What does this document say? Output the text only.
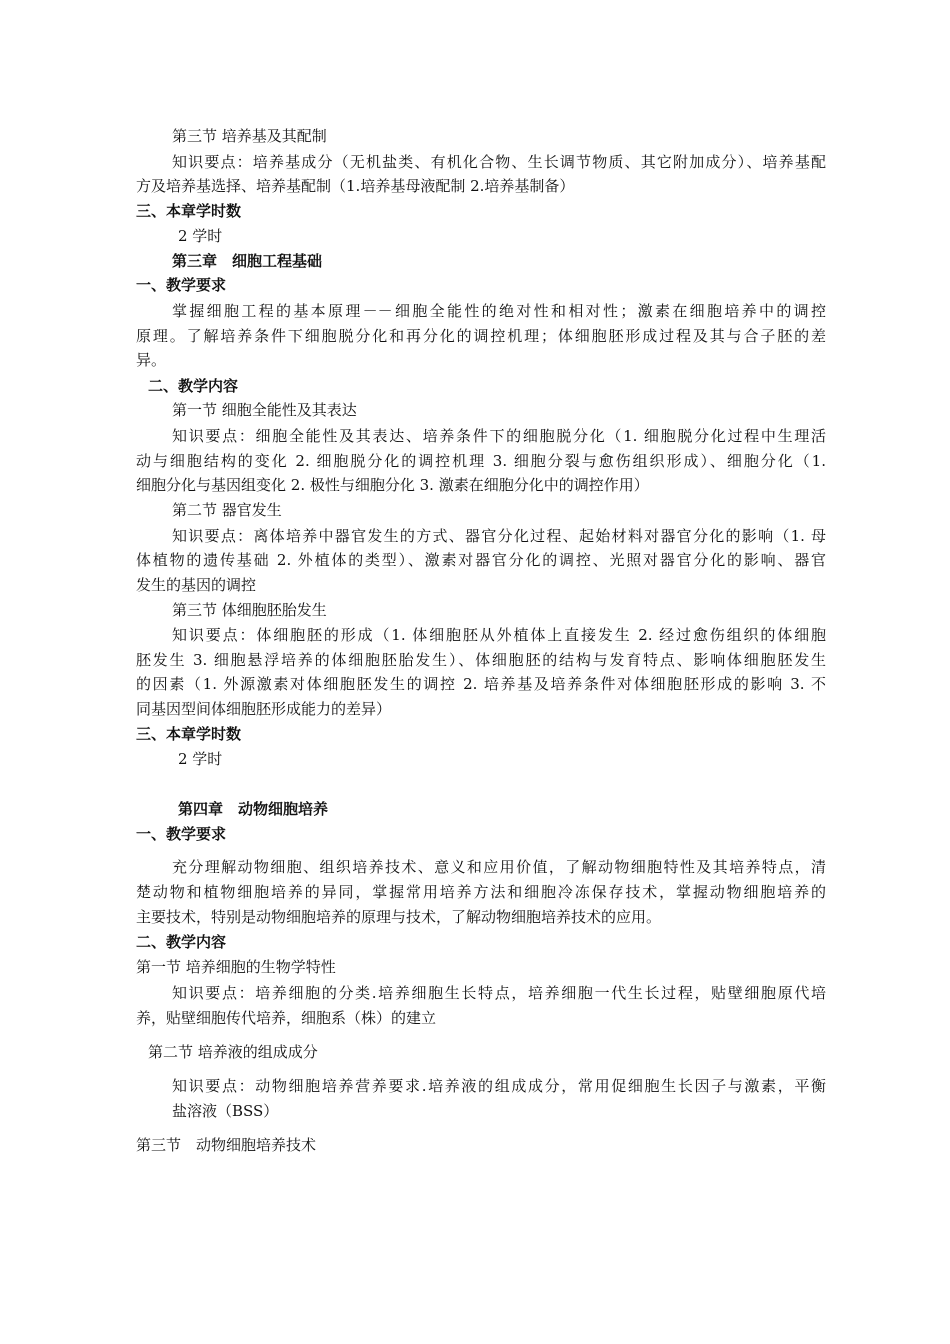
第三节 培养基及其配制
知识要点：培养基成分（无机盐类、有机化合物、生长调节物质、其它附加成分）、培养基配
方及培养基选择、培养基配制（1.培养基母液配制 2.培养基制备）
三、本章学时数
2 学时
第三章　细胞工程基础
一、教学要求
掌握细胞工程的基本原理－－细胞全能性的绝对性和相对性；激素在细胞培养中的调控
原理。了解培养条件下细胞脱分化和再分化的调控机理；体细胞胚形成过程及其与合子胚的差
异。
二、教学内容
第一节 细胞全能性及其表达
知识要点：细胞全能性及其表达、培养条件下的细胞脱分化（1. 细胞脱分化过程中生理活
动与细胞结构的变化 2. 细胞脱分化的调控机理 3. 细胞分裂与愈伤组织形成）、细胞分化（1.
细胞分化与基因组变化 2. 极性与细胞分化 3. 激素在细胞分化中的调控作用）
第二节 器官发生
知识要点：离体培养中器官发生的方式、器官分化过程、起始材料对器官分化的影响（1. 母
体植物的遗传基础 2. 外植体的类型）、激素对器官分化的调控、光照对器官分化的影响、器官
发生的基因的调控
第三节 体细胞胚胎发生
知识要点：体细胞胚的形成（1. 体细胞胚从外植体上直接发生 2. 经过愈伤组织的体细胞
胚发生 3. 细胞悬浮培养的体细胞胚胎发生）、体细胞胚的结构与发育特点、影响体细胞胚发生
的因素（1. 外源激素对体细胞胚发生的调控 2. 培养基及培养条件对体细胞胚形成的影响 3. 不
同基因型间体细胞胚形成能力的差异）
三、本章学时数
2 学时
第四章　动物细胞培养
一、教学要求
充分理解动物细胞、组织培养技术、意义和应用价值，了解动物细胞特性及其培养特点，清
楚动物和植物细胞培养的异同，掌握常用培养方法和细胞冷冻保存技术，掌握动物细胞培养的
主要技术，特别是动物细胞培养的原理与技术，了解动物细胞培养技术的应用。
二、教学内容
第一节 培养细胞的生物学特性
知识要点：培养细胞的分类.培养细胞生长特点，培养细胞一代生长过程，贴壁细胞原代培
养，贴壁细胞传代培养，细胞系（株）的建立
第二节 培养液的组成成分
知识要点：动物细胞培养营养要求.培养液的组成成分，常用促细胞生长因子与激素，平衡
盐溶液（BSS）
第三节　动物细胞培养技术
